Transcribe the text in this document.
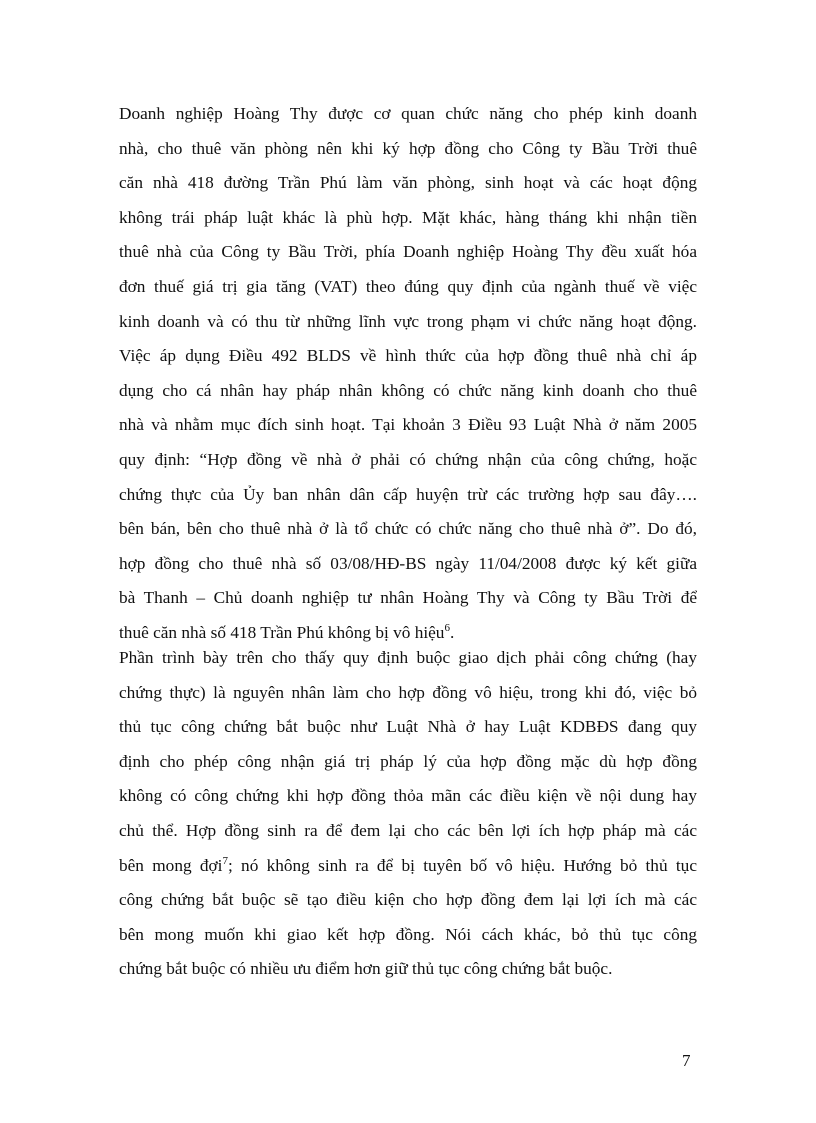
Doanh nghiệp Hoàng Thy được cơ quan chức năng cho phép kinh doanh
nhà, cho thuê văn phòng nên khi ký hợp đồng cho Công ty Bầu Trời thuê
căn nhà 418 đường Trần Phú làm văn phòng, sinh hoạt và các hoạt động
không trái pháp luật khác là phù hợp. Mặt khác, hàng tháng khi nhận tiền
thuê nhà của Công ty Bầu Trời, phía Doanh nghiệp Hoàng Thy đều xuất hóa
đơn thuế giá trị gia tăng (VAT) theo đúng quy định của ngành thuế về việc
kinh doanh và có thu từ những lĩnh vực trong phạm vi chức năng hoạt động.
Việc áp dụng Điều 492 BLDS về hình thức của hợp đồng thuê nhà chỉ áp
dụng cho cá nhân hay pháp nhân không có chức năng kinh doanh cho thuê
nhà và nhằm mục đích sinh hoạt. Tại khoản 3 Điều 93 Luật Nhà ở năm 2005
quy định: “Hợp đồng về nhà ở phải có chứng nhận của công chứng, hoặc
chứng thực của Ủy ban nhân dân cấp huyện trừ các trường hợp sau đây….
bên bán, bên cho thuê nhà ở là tổ chức có chức năng cho thuê nhà ở”. Do đó,
hợp đồng cho thuê nhà số 03/08/HĐ-BS ngày 11/04/2008 được ký kết giữa
bà Thanh – Chủ doanh nghiệp tư nhân Hoàng Thy và Công ty Bầu Trời để
thuê căn nhà số 418 Trần Phú không bị vô hiệu$^6$.

Phần trình bày trên cho thấy quy định buộc giao dịch phải công chứng (hay
chứng thực) là nguyên nhân làm cho hợp đồng vô hiệu, trong khi đó, việc bỏ
thủ tục công chứng bắt buộc như Luật Nhà ở hay Luật KDBĐS đang quy
định cho phép công nhận giá trị pháp lý của hợp đồng mặc dù hợp đồng
không có công chứng khi hợp đồng thỏa mãn các điều kiện về nội dung hay
chủ thể. Hợp đồng sinh ra để đem lại cho các bên lợi ích hợp pháp mà các
bên mong đợi$^7$; nó không sinh ra để bị tuyên bố vô hiệu. Hướng bỏ thủ tục
công chứng bắt buộc sẽ tạo điều kiện cho hợp đồng đem lại lợi ích mà các
bên mong muốn khi giao kết hợp đồng. Nói cách khác, bỏ thủ tục công
chứng bắt buộc có nhiều ưu điểm hơn giữ thủ tục công chứng bắt buộc.

7
